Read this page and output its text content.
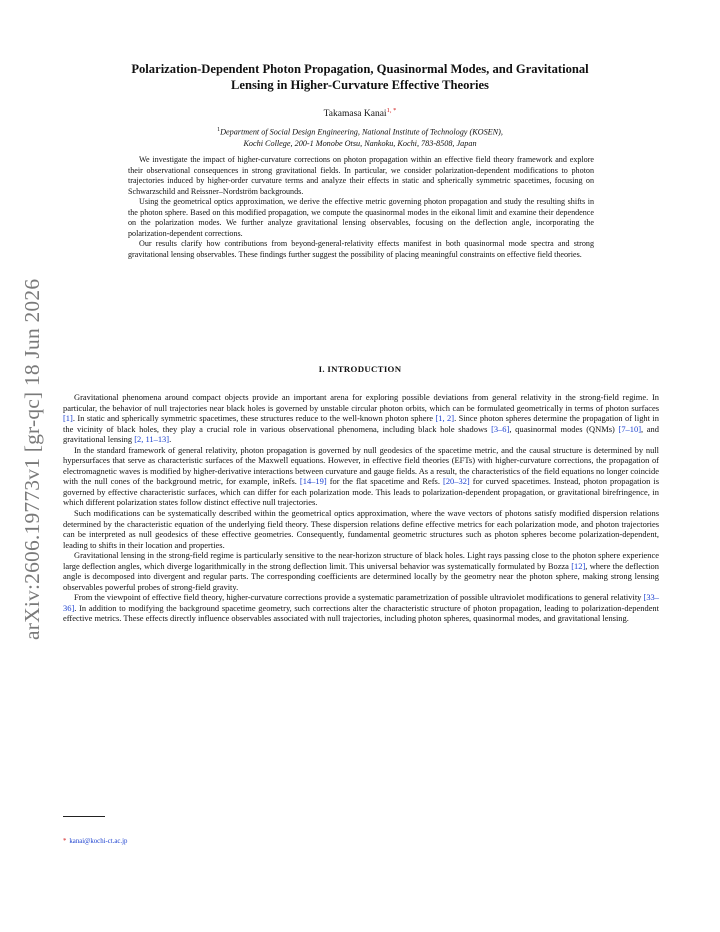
arXiv:2606.19773v1 [gr-qc] 18 Jun 2026
Polarization-Dependent Photon Propagation, Quasinormal Modes, and Gravitational
Lensing in Higher-Curvature Effective Theories
Takamasa Kanai$^{1, *}$
$^1$Department of Social Design Engineering, National Institute of Technology (KOSEN),
Kochi College, 200-1 Monobe Otsu, Nankoku, Kochi, 783-8508, Japan

We investigate the impact of higher-curvature corrections on photon propagation within an effective field theory framework and explore their observational consequences in strong gravitational fields. In particular, we consider polarization-dependent modifications to photon trajectories induced by higher-order curvature terms and analyze their effects in static and spherically symmetric spacetimes, focusing on Schwarzschild and Reissner–Nordström backgrounds.

Using the geometrical optics approximation, we derive the effective metric governing photon propagation and study the resulting shifts in the photon sphere. Based on this modified propagation, we compute the quasinormal modes in the eikonal limit and examine their dependence on the polarization modes. We further analyze gravitational lensing observables, focusing on the deflection angle, incorporating the polarization-dependent corrections.

Our results clarify how contributions from beyond-general-relativity effects manifest in both quasinormal mode spectra and strong gravitational lensing observables. These findings further suggest the possibility of placing meaningful constraints on effective field theories.

I. INTRODUCTION

Gravitational phenomena around compact objects provide an important arena for exploring possible deviations from general relativity in the strong-field regime. In particular, the behavior of null trajectories near black holes is governed by unstable circular photon orbits, which can be formulated geometrically in terms of photon surfaces [1]. In static and spherically symmetric spacetimes, these structures reduce to the well-known photon sphere [1, 2]. Since photon spheres determine the propagation of light in the vicinity of black holes, they play a crucial role in various observational phenomena, including black hole shadows [3–6], quasinormal modes (QNMs) [7–10], and gravitational lensing [2, 11–13].

In the standard framework of general relativity, photon propagation is governed by null geodesics of the spacetime metric, and the causal structure is determined by null hypersurfaces that serve as characteristic surfaces of the Maxwell equations. However, in effective field theories (EFTs) with higher-curvature corrections, the propagation of electromagnetic waves is modified by higher-derivative interactions between curvature and gauge fields. As a result, the characteristics of the field equations no longer coincide with the null cones of the background metric, for example, inRefs. [14–19] for the flat spacetime and Refs. [20–32] for curved spacetimes. Instead, photon propagation is governed by effective characteristic surfaces, which can differ for each polarization mode. This leads to polarization-dependent propagation, or gravitational birefringence, in which different polarization states follow distinct effective null trajectories.

Such modifications can be systematically described within the geometrical optics approximation, where the wave vectors of photons satisfy modified dispersion relations determined by the characteristic equation of the underlying field theory. These dispersion relations define effective metrics for each polarization mode, and photon trajectories can be interpreted as null geodesics of these effective geometries. Consequently, fundamental geometric structures such as photon spheres become polarization-dependent, leading to shifts in their location and properties.

Gravitational lensing in the strong-field regime is particularly sensitive to the near-horizon structure of black holes. Light rays passing close to the photon sphere experience large deflection angles, which diverge logarithmically in the strong deflection limit. This universal behavior was systematically formulated by Bozza [12], where the deflection angle is decomposed into divergent and regular parts. The corresponding coefficients are determined locally by the geometry near the photon sphere, making strong lensing observables powerful probes of strong-field gravity.

From the viewpoint of effective field theory, higher-curvature corrections provide a systematic parametrization of possible ultraviolet modifications to general relativity [33–36]. In addition to modifying the background spacetime geometry, such corrections alter the characteristic structure of photon propagation, leading to polarization-dependent effective metrics. These effects directly influence observables associated with null trajectories, including photon spheres, quasinormal modes, and gravitational lensing.

* kanai@kochi-ct.ac.jp
